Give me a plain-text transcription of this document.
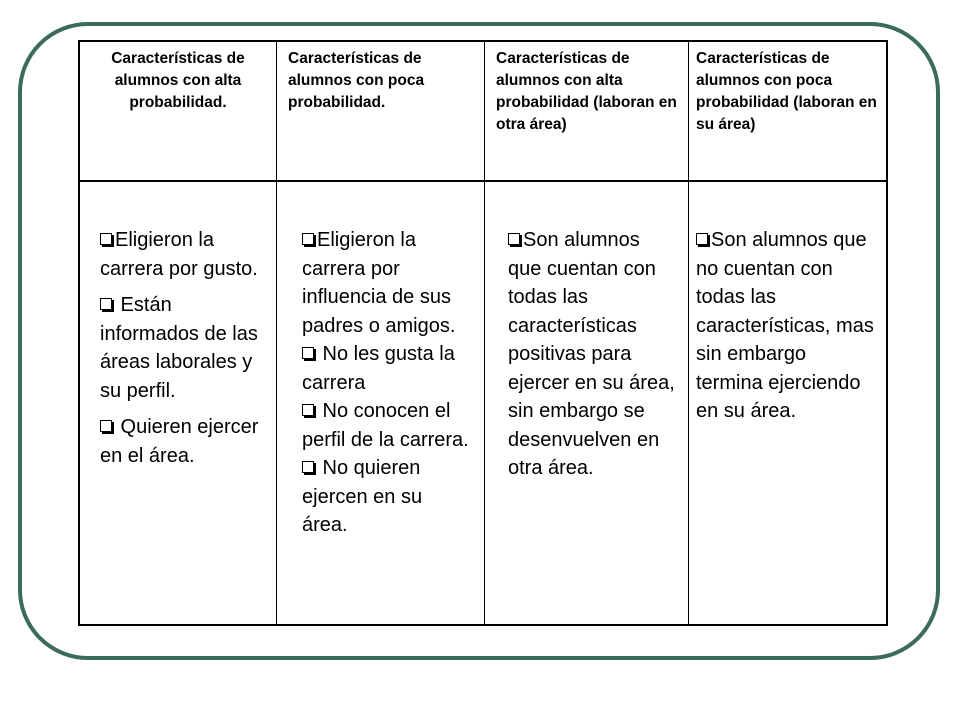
Características de alumnos con alta probabilidad.
Características de alumnos con poca probabilidad.
Características de alumnos con alta probabilidad (laboran en otra área)
Características de alumnos con poca probabilidad (laboran en su área)

Eligieron la carrera por gusto.

Están informados de las áreas laborales y su perfil.

Quieren ejercer en el área.

Eligieron la carrera por influencia de sus padres o amigos.

No les gusta la carrera

No conocen el perfil de la carrera.

No quieren ejercen en su área.

Son alumnos que cuentan con todas las características positivas para ejercer en su área, sin embargo se desenvuelven en otra área.

Son alumnos que no cuentan con todas las características, mas sin embargo termina ejerciendo en su área.
